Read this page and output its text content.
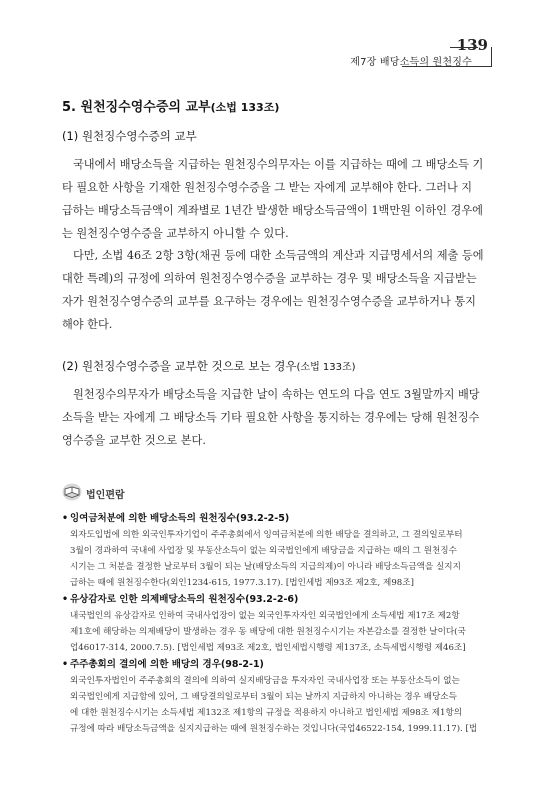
139
제7장 배당소득의 원천징수
5. 원천징수영수증의 교부(소법 133조)
(1) 원천징수영수증의 교부
국내에서 배당소득을 지급하는 원천징수의무자는 이를 지급하는 때에 그 배당소득 기
타 필요한 사항을 기재한 원천징수영수증을 그 받는 자에게 교부해야 한다. 그러나 지
급하는 배당소득금액이 계좌별로 1년간 발생한 배당소득금액이 1백만원 이하인 경우에
는 원천징수영수증을 교부하지 아니할 수 있다.
다만, 소법 46조 2항 3항(채권 등에 대한 소득금액의 계산과 지급명세서의 제출 등에
대한 특례)의 규정에 의하여 원천징수영수증을 교부하는 경우 및 배당소득을 지급받는
자가 원천징수영수증의 교부를 요구하는 경우에는 원천징수영수증을 교부하거나 통지
해야 한다.
(2) 원천징수영수증을 교부한 것으로 보는 경우(소법 133조)
원천징수의무자가 배당소득을 지급한 날이 속하는 연도의 다음 연도 3월말까지 배당
소득을 받는 자에게 그 배당소득 기타 필요한 사항을 통지하는 경우에는 당해 원천징수
영수증을 교부한 것으로 본다.
법인편람
• 잉여금처분에 의한 배당소득의 원천징수(93.2-2-5)
외자도입법에 의한 외국인투자기업이 주주총회에서 잉여금처분에 의한 배당을 결의하고, 그 결의일로부터
3월이 경과하여 국내에 사업장 및 부동산소득이 없는 외국법인에게 배당금을 지급하는 때의 그 원천징수
시기는 그 처분을 결정한 날로부터 3월이 되는 날(배당소득의 지급의제)이 아니라 배당소득금액을 실지지
급하는 때에 원천징수한다(외인1234-615, 1977.3.17). [법인세법 제93조 제2호, 제98조]
• 유상감자로 인한 의제배당소득의 원천징수(93.2-2-6)
내국법인의 유상감자로 인하여 국내사업장이 없는 외국인투자자인 외국법인에게 소득세법 제17조 제2항
제1호에 해당하는 의제배당이 발생하는 경우 동 배당에 대한 원천징수시기는 자본감소를 결정한 날이다(국
업46017-314, 2000.7.5). [법인세법 제93조 제2호, 법인세법시행령 제137조, 소득세법시행령 제46조]
• 주주총회의 결의에 의한 배당의 경우(98-2-1)
외국인투자법인이 주주총회의 결의에 의하여 실지배당금을 투자자인 국내사업장 또는 부동산소득이 없는
외국법인에게 지급함에 있어, 그 배당결의일로부터 3월이 되는 날까지 지급하지 아니하는 경우 배당소득
에 대한 원천징수시기는 소득세법 제132조 제1항의 규정을 적용하지 아니하고 법인세법 제98조 제1항의
규정에 따라 배당소득금액을 실지지급하는 때에 원천징수하는 것입니다(국업46522-154, 1999.11.17). [법
